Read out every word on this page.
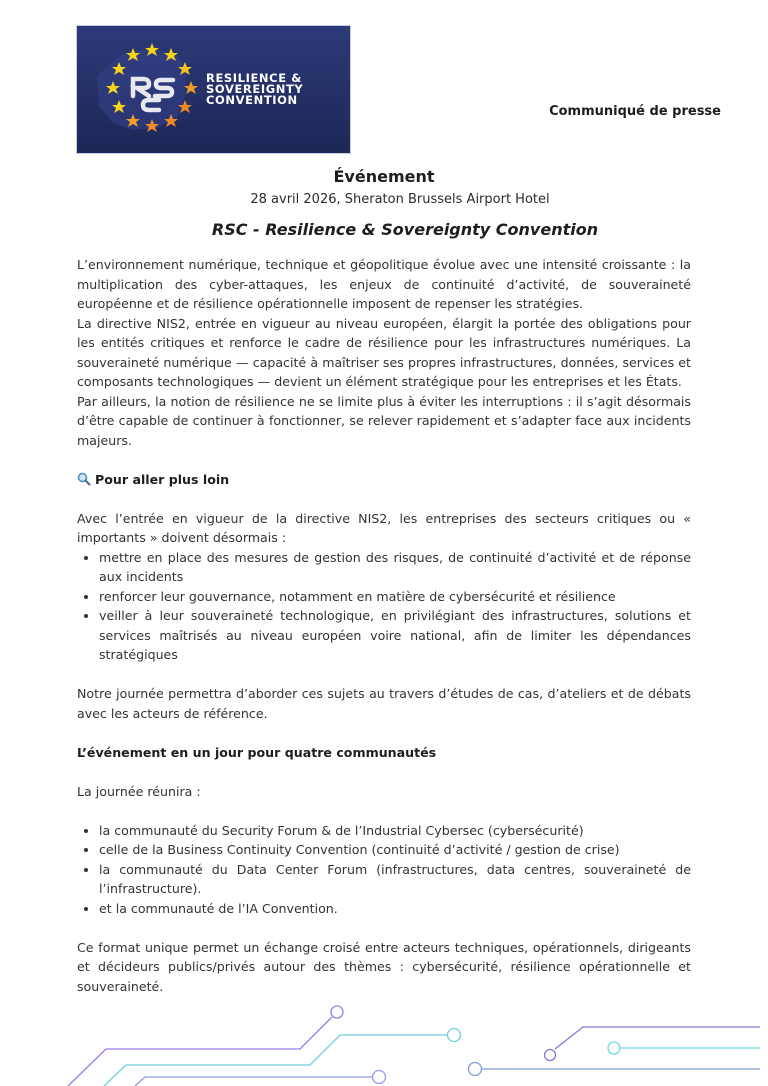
RESILIENCE &
SOVEREIGNTY
CONVENTION
Communiqué de presse
Événement
28 avril 2026, Sheraton Brussels Airport Hotel
RSC - Resilience & Sovereignty Convention

L’environnement numérique, technique et géopolitique évolue avec une intensité croissante : la multiplication des cyber-attaques, les enjeux de continuité d’activité, de souveraineté européenne et de résilience opérationnelle imposent de repenser les stratégies.

La directive NIS2, entrée en vigueur au niveau européen, élargit la portée des obligations pour les entités critiques et renforce le cadre de résilience pour les infrastructures numériques. La souveraineté numérique — capacité à maîtriser ses propres infrastructures, données, services et composants technologiques — devient un élément stratégique pour les entreprises et les États.

Par ailleurs, la notion de résilience ne se limite plus à éviter les interruptions : il s’agit désormais d’être capable de continuer à fonctionner, se relever rapidement et s’adapter face aux incidents majeurs.

Pour aller plus loin

Avec l’entrée en vigueur de la directive NIS2, les entreprises des secteurs critiques ou « importants » doivent désormais :

• mettre en place des mesures de gestion des risques, de continuité d’activité et de réponse aux incidents
• renforcer leur gouvernance, notamment en matière de cybersécurité et résilience
• veiller à leur souveraineté technologique, en privilégiant des infrastructures, solutions et services maîtrisés au niveau européen voire national, afin de limiter les dépendances stratégiques

Notre journée permettra d’aborder ces sujets au travers d’études de cas, d’ateliers et de débats avec les acteurs de référence.

L’événement en un jour pour quatre communautés

La journée réunira :

• la communauté du Security Forum & de l’Industrial Cybersec (cybersécurité)
• celle de la Business Continuity Convention (continuité d’activité / gestion de crise)
• la communauté du Data Center Forum (infrastructures, data centres, souveraineté de l’infrastructure).
• et la communauté de l’IA Convention.

Ce format unique permet un échange croisé entre acteurs techniques, opérationnels, dirigeants et décideurs publics/privés autour des thèmes : cybersécurité, résilience opérationnelle et souveraineté.
